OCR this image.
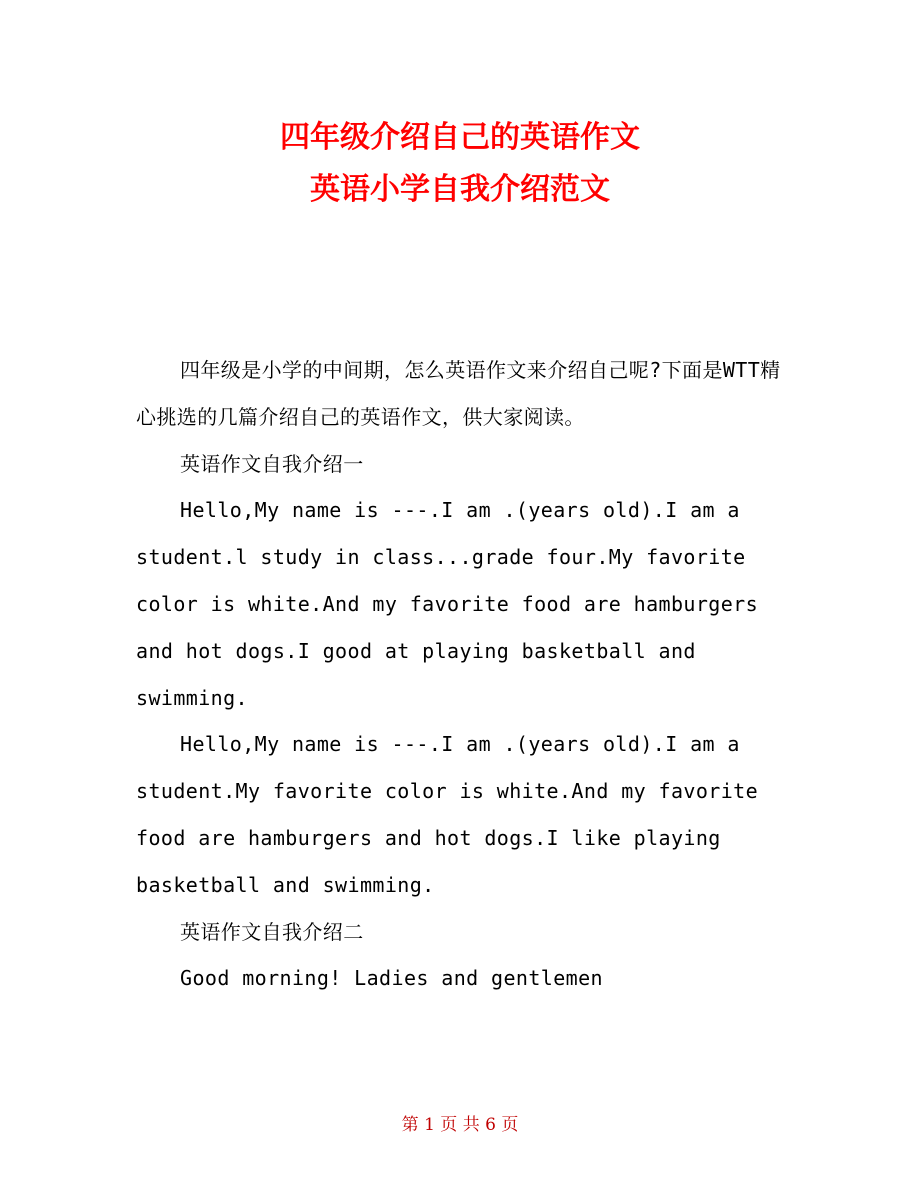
四年级介绍自己的英语作文
英语小学自我介绍范文

四年级是小学的中间期，怎么英语作文来介绍自己呢?下面是WTT精心挑选的几篇介绍自己的英语作文，供大家阅读。

英语作文自我介绍一

Hello,My name is ---.I am .(years old).I am a student.l study in class...grade four.My favorite color is white.And my favorite food are hamburgers and hot dogs.I good at playing basketball and swimming.

Hello,My name is ---.I am .(years old).I am a student.My favorite color is white.And my favorite food are hamburgers and hot dogs.I like playing basketball and swimming.

英语作文自我介绍二

Good morning! Ladies and gentlemen

第 1 页 共 6 页
